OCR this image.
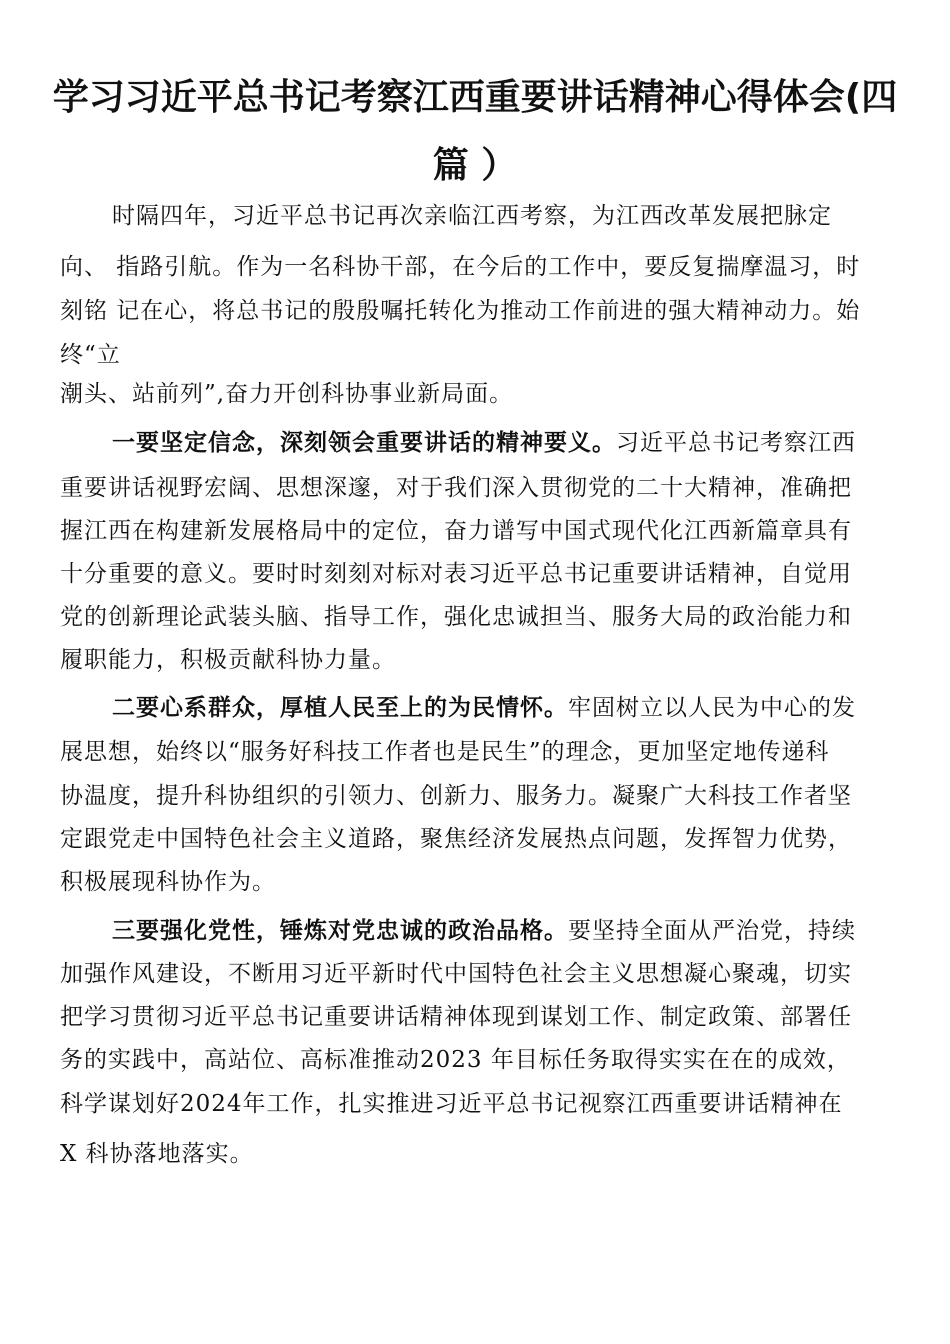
学习习近平总书记考察江西重要讲话精神心得体会(四
篇 ）
时隔四年，习近平总书记再次亲临江西考察，为江西改革发展把脉定
向、 指路引航。作为一名科协干部，在今后的工作中，要反复揣摩温习，时
刻铭 记在心，将总书记的殷殷嘱托转化为推动工作前进的强大精神动力。始
终“立
潮头、站前列”,奋力开创科协事业新局面。
一要坚定信念，深刻领会重要讲话的精神要义。习近平总书记考察江西
重要讲话视野宏阔、思想深邃，对于我们深入贯彻党的二十大精神，准确把
握江西在构建新发展格局中的定位，奋力谱写中国式现代化江西新篇章具有
十分重要的意义。要时时刻刻对标对表习近平总书记重要讲话精神，自觉用
党的创新理论武装头脑、指导工作，强化忠诚担当、服务大局的政治能力和
履职能力，积极贡献科协力量。
二要心系群众，厚植人民至上的为民情怀。牢固树立以人民为中心的发
展思想，始终以“服务好科技工作者也是民生”的理念，更加坚定地传递科
协温度，提升科协组织的引领力、创新力、服务力。凝聚广大科技工作者坚
定跟党走中国特色社会主义道路，聚焦经济发展热点问题，发挥智力优势，
积极展现科协作为。
三要强化党性，锤炼对党忠诚的政治品格。要坚持全面从严治党，持续
加强作风建设，不断用习近平新时代中国特色社会主义思想凝心聚魂，切实
把学习贯彻习近平总书记重要讲话精神体现到谋划工作、制定政策、部署任
务的实践中，高站位、高标准推动2023 年目标任务取得实实在在的成效，
科学谋划好2024年工作，扎实推进习近平总书记视察江西重要讲话精神在
X 科协落地落实。
